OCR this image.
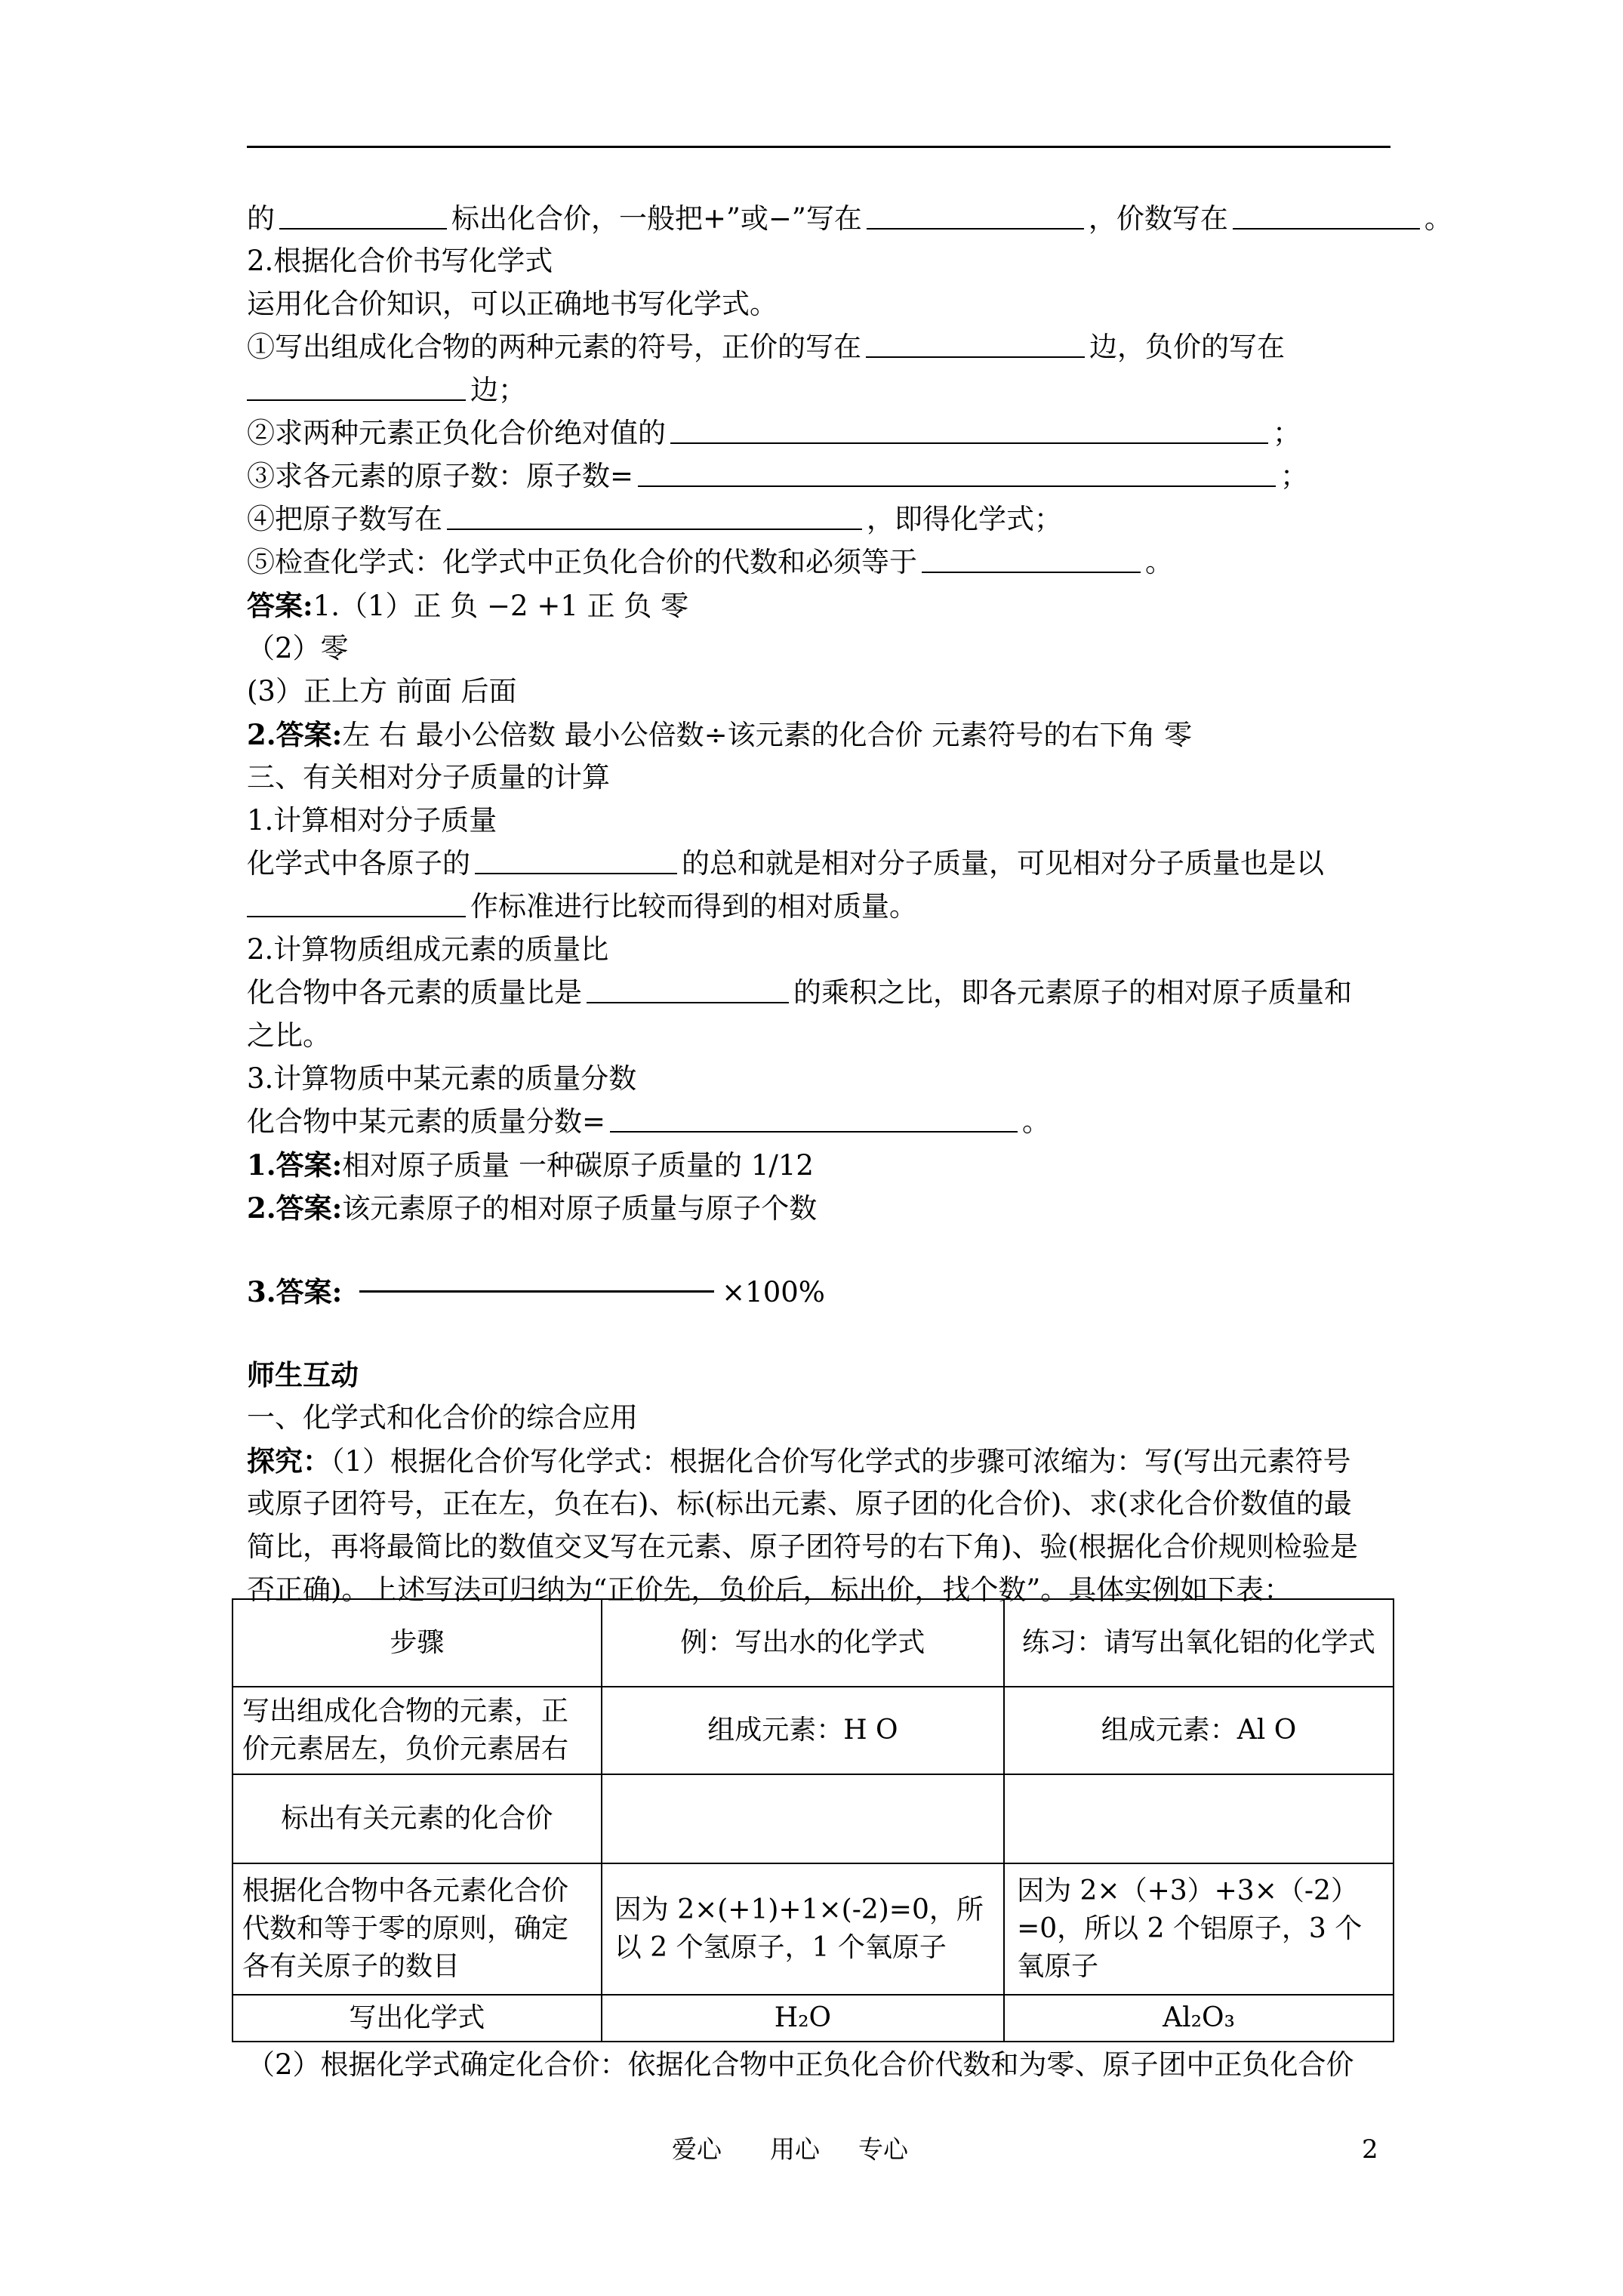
的	标出化合价，一般把+”或−”写在	，价数写在	。
2.根据化合价书写化学式
运用化合价知识，可以正确地书写化学式。
①写出组成化合物的两种元素的符号，正价的写在	边，负价的写在
边；
②求两种元素正负化合价绝对值的	；
③求各元素的原子数：原子数=	；
④把原子数写在	，即得化学式；
⑤检查化学式：化学式中正负化合价的代数和必须等于	。
答案:1.（1）正 负 −2 +1 正 负 零
（2）零
(3）正上方 前面 后面
2.答案:左 右 最小公倍数 最小公倍数÷该元素的化合价 元素符号的右下角 零
三、有关相对分子质量的计算
1.计算相对分子质量
化学式中各原子的	的总和就是相对分子质量，可见相对分子质量也是以
作标准进行比较而得到的相对质量。
2.计算物质组成元素的质量比
化合物中各元素的质量比是	的乘积之比，即各元素原子的相对原子质量和
之比。
3.计算物质中某元素的质量分数
化合物中某元素的质量分数=	。
1.答案:相对原子质量 一种碳原子质量的 1/12
2.答案:该元素原子的相对原子质量与原子个数
3.答案:	×100%
师生互动
一、化学式和化合价的综合应用
探究：（1）根据化合价写化学式：根据化合价写化学式的步骤可浓缩为：写(写出元素符号
或原子团符号，正在左，负在右)、标(标出元素、原子团的化合价)、求(求化合价数值的最
简比，再将最简比的数值交叉写在元素、原子团符号的右下角)、验(根据化合价规则检验是
否正确)。上述写法可归纳为“正价先，负价后，标出价，找个数”。具体实例如下表：
步骤	例：写出水的化学式	练习：请写出氧化铝的化学式
写出组成化合物的元素，正价元素居左，负价元素居右	组成元素：H O	组成元素：Al O
标出有关元素的化合价		
根据化合物中各元素化合价代数和等于零的原则，确定各有关原子的数目	因为 2×(+1)+1×(-2)=0，所以 2 个氢原子，1 个氧原子	因为 2×（+3）+3×（-2）=0，所以 2 个铝原子，3 个氧原子
写出化学式	H₂O	Al₂O₃
（2）根据化学式确定化合价：依据化合物中正负化合价代数和为零、原子团中正负化合价
爱心 用心 专心	2
